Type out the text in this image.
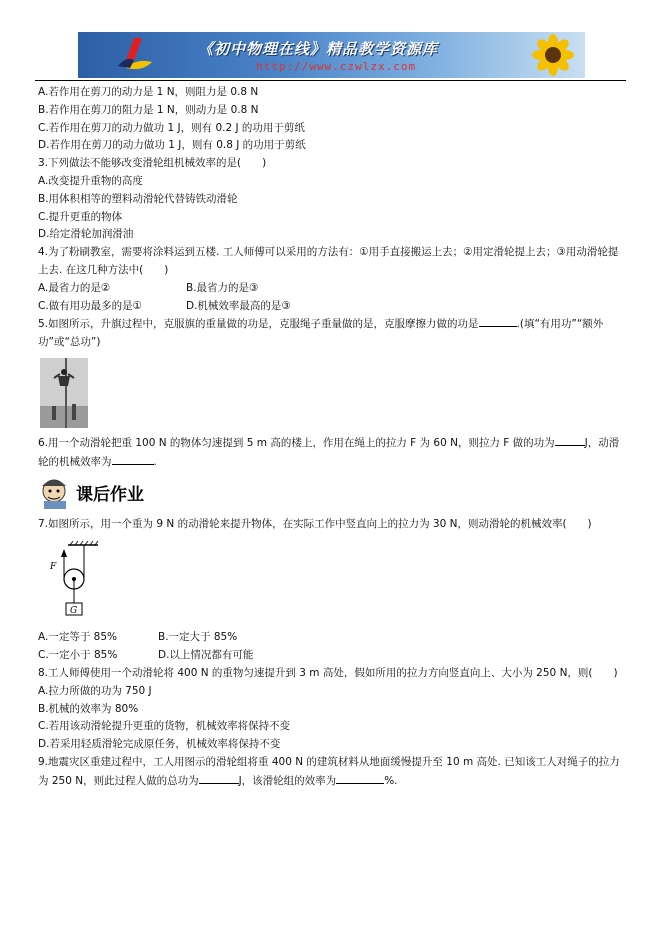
《初中物理在线》精品教学资源库
http://www.czwlzx.com
A.若作用在剪刀的动力是 1 N，则阻力是 0.8 N
B.若作用在剪刀的阻力是 1 N，则动力是 0.8 N
C.若作用在剪刀的动力做功 1 J，则有 0.2 J 的功用于剪纸
D.若作用在剪刀的动力做功 1 J，则有 0.8 J 的功用于剪纸
3.下列做法不能够改变滑轮组机械效率的是(　　)
A.改变提升重物的高度
B.用体积相等的塑料动滑轮代替铸铁动滑轮
C.提升更重的物体
D.给定滑轮加润滑油
4.为了粉刷教室，需要将涂料运到五楼. 工人师傅可以采用的方法有：①用手直接搬运上去；②用定滑轮提上去；③用动滑轮提上去. 在这几种方法中(　　)
A.最省力的是②	B.最省力的是③
C.做有用功最多的是①	D.机械效率最高的是③
5.如图所示，升旗过程中，克服旗的重量做的功是，克服绳子重量做的是，克服摩擦力做的功是	.(填“有用功”“额外功”或“总功”)
6.用一个动滑轮把重 100 N 的物体匀速提到 5 m 高的楼上，作用在绳上的拉力 F 为 60 N，则拉力 F 做的功为	J，动滑轮的机械效率为	.
课后作业
7.如图所示，用一个重为 9 N 的动滑轮来提升物体，在实际工作中竖直向上的拉力为 30 N，则动滑轮的机械效率(　　)
F
G
A.一定等于 85%	B.一定大于 85%
C.一定小于 85%	D.以上情况都有可能
8.工人师傅使用一个动滑轮将 400 N 的重物匀速提升到 3 m 高处，假如所用的拉力方向竖直向上、大小为 250 N，则(　　)
A.拉力所做的功为 750 J
B.机械的效率为 80%
C.若用该动滑轮提升更重的货物，机械效率将保持不变
D.若采用轻质滑轮完成原任务，机械效率将保持不变
9.地震灾区重建过程中，工人用图示的滑轮组将重 400 N 的建筑材料从地面缓慢提升至 10 m 高处. 已知该工人对绳子的拉力为 250 N，则此过程人做的总功为	J，该滑轮组的效率为	%.
